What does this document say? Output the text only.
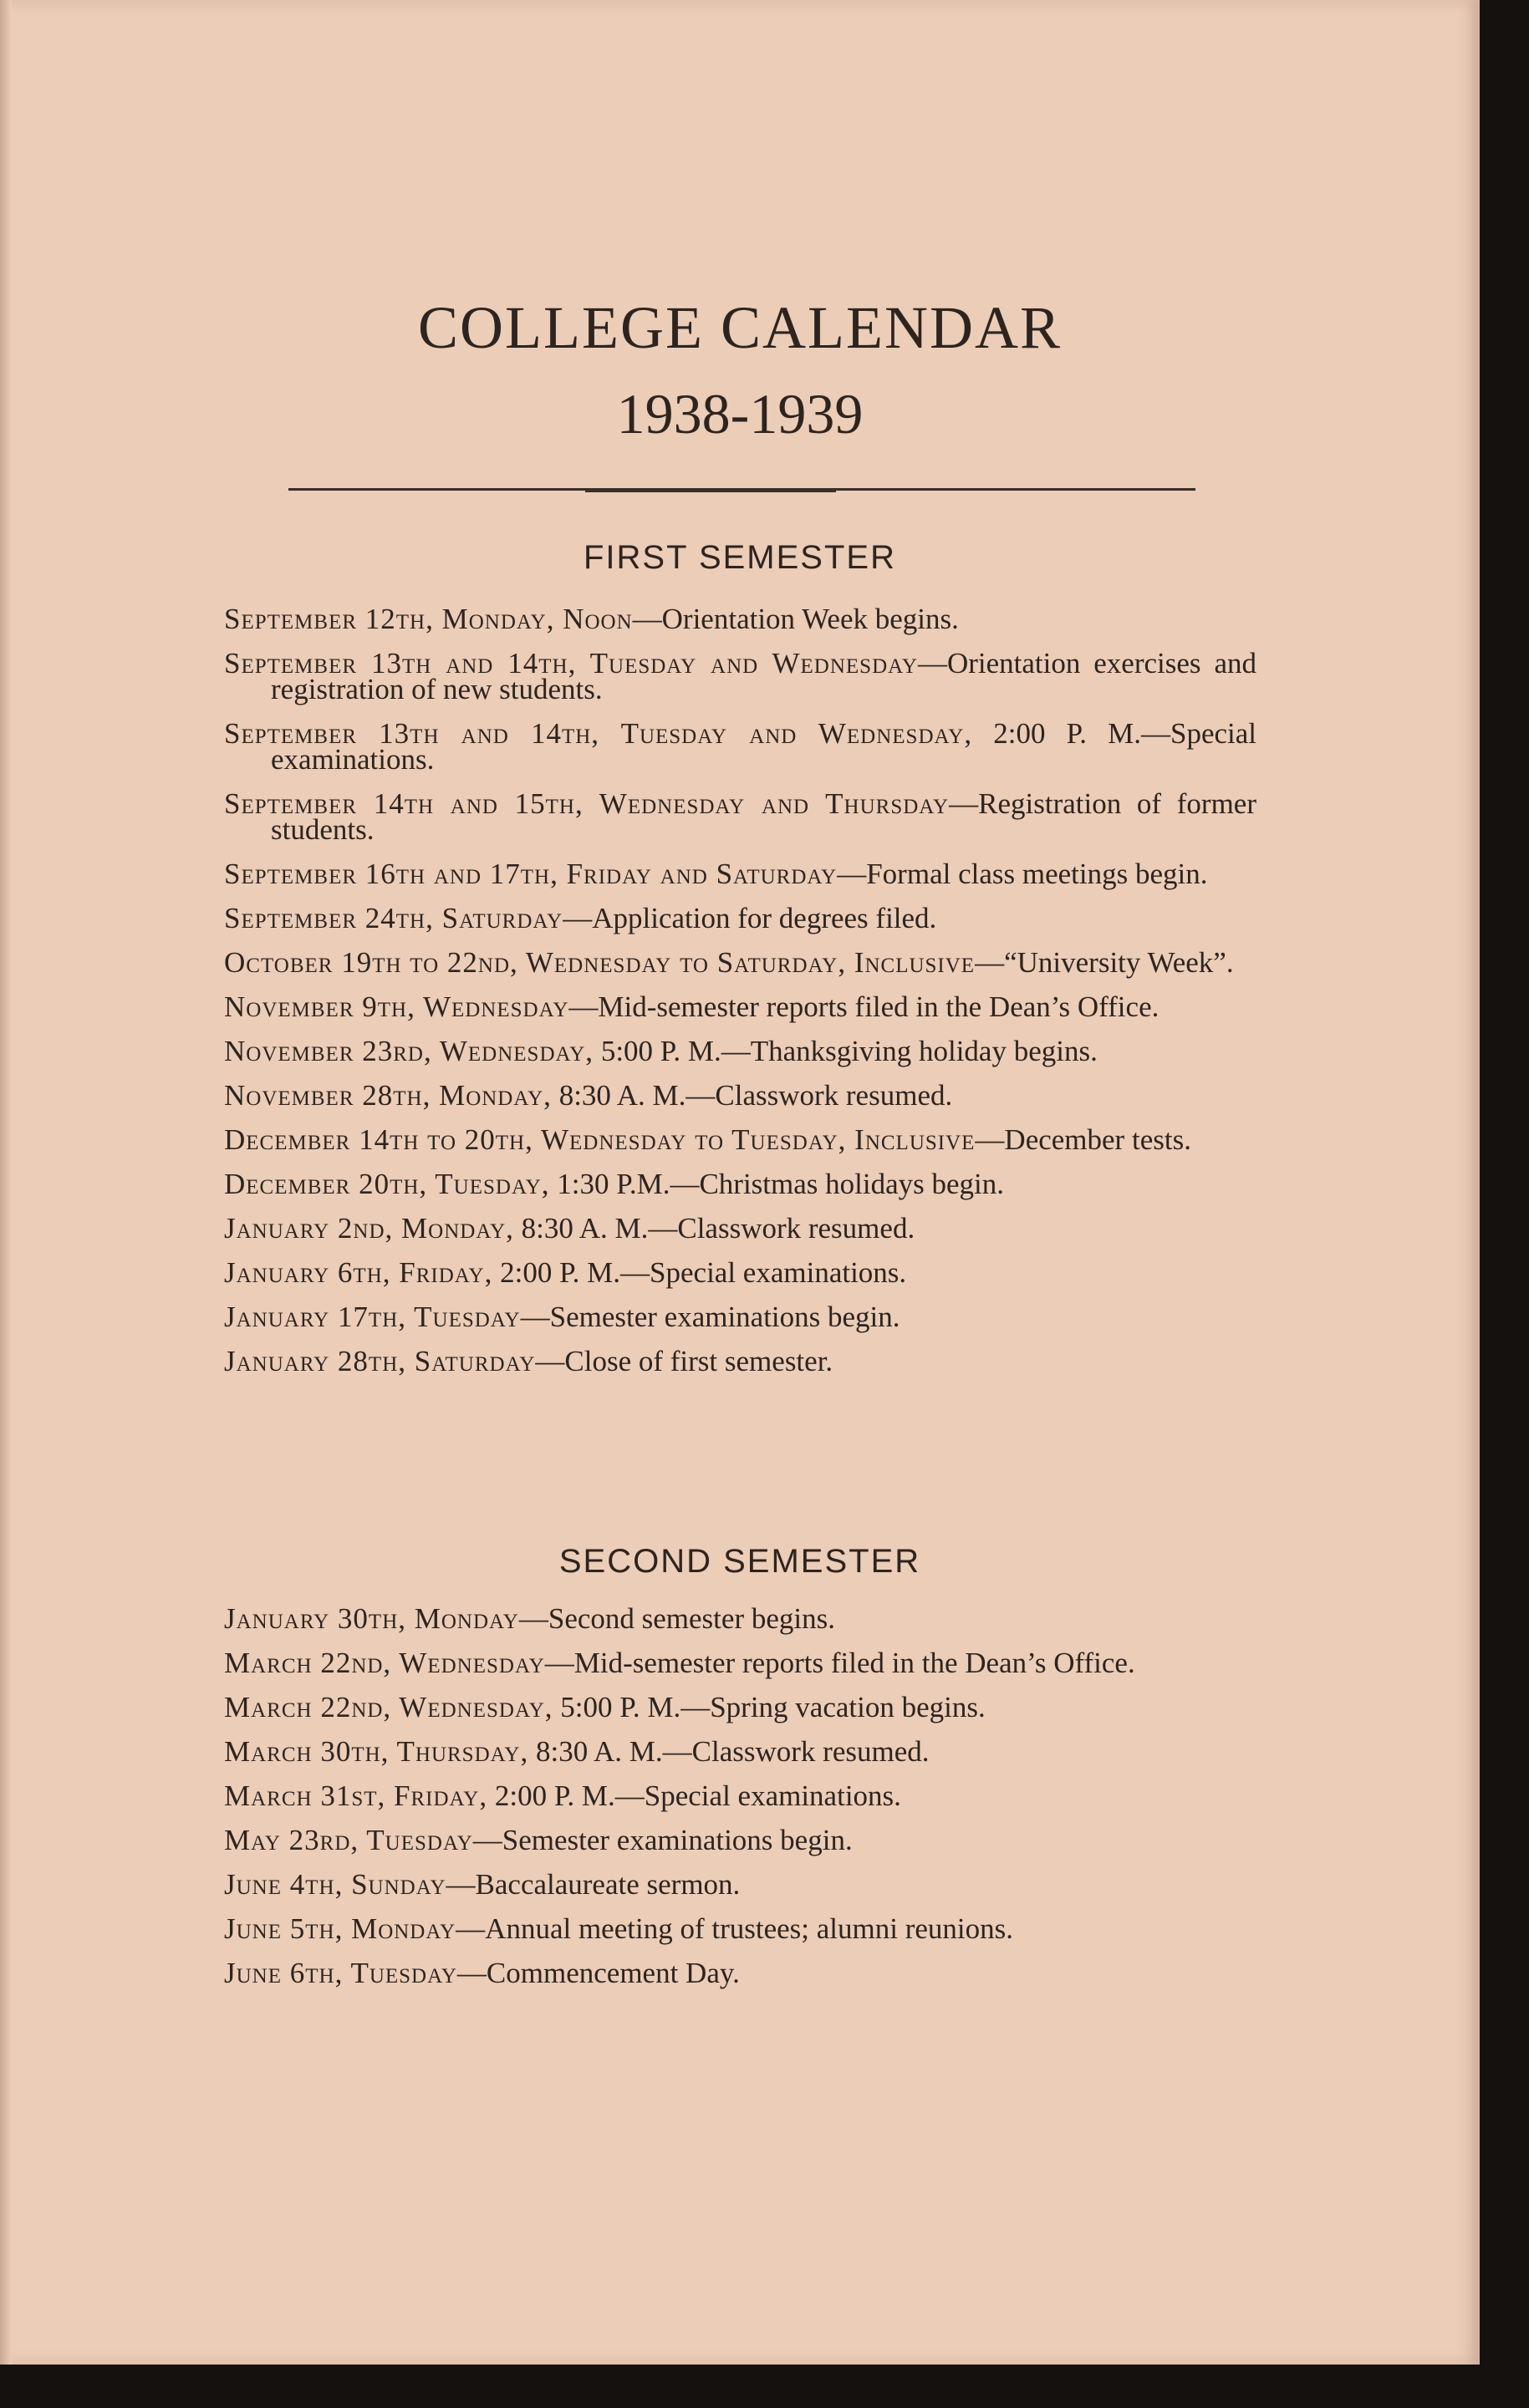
COLLEGE CALENDAR
1938-1939
FIRST SEMESTER
September 12th, Monday, Noon—Orientation Week begins.
September 13th and 14th, Tuesday and Wednesday—Orientation exercises and registration of new students.
September 13th and 14th, Tuesday and Wednesday, 2:00 P. M.—Special examinations.
September 14th and 15th, Wednesday and Thursday—Registration of former students.
September 16th and 17th, Friday and Saturday—Formal class meetings begin.
September 24th, Saturday—Application for degrees filed.
October 19th to 22nd, Wednesday to Saturday, Inclusive—“University Week”.
November 9th, Wednesday—Mid-semester reports filed in the Dean’s Office.
November 23rd, Wednesday, 5:00 P. M.—Thanksgiving holiday begins.
November 28th, Monday, 8:30 A. M.—Classwork resumed.
December 14th to 20th, Wednesday to Tuesday, Inclusive—December tests.
December 20th, Tuesday, 1:30 P.M.—Christmas holidays begin.
January 2nd, Monday, 8:30 A. M.—Classwork resumed.
January 6th, Friday, 2:00 P. M.—Special examinations.
January 17th, Tuesday—Semester examinations begin.
January 28th, Saturday—Close of first semester.
SECOND SEMESTER
January 30th, Monday—Second semester begins.
March 22nd, Wednesday—Mid-semester reports filed in the Dean’s Office.
March 22nd, Wednesday, 5:00 P. M.—Spring vacation begins.
March 30th, Thursday, 8:30 A. M.—Classwork resumed.
March 31st, Friday, 2:00 P. M.—Special examinations.
May 23rd, Tuesday—Semester examinations begin.
June 4th, Sunday—Baccalaureate sermon.
June 5th, Monday—Annual meeting of trustees; alumni reunions.
June 6th, Tuesday—Commencement Day.
